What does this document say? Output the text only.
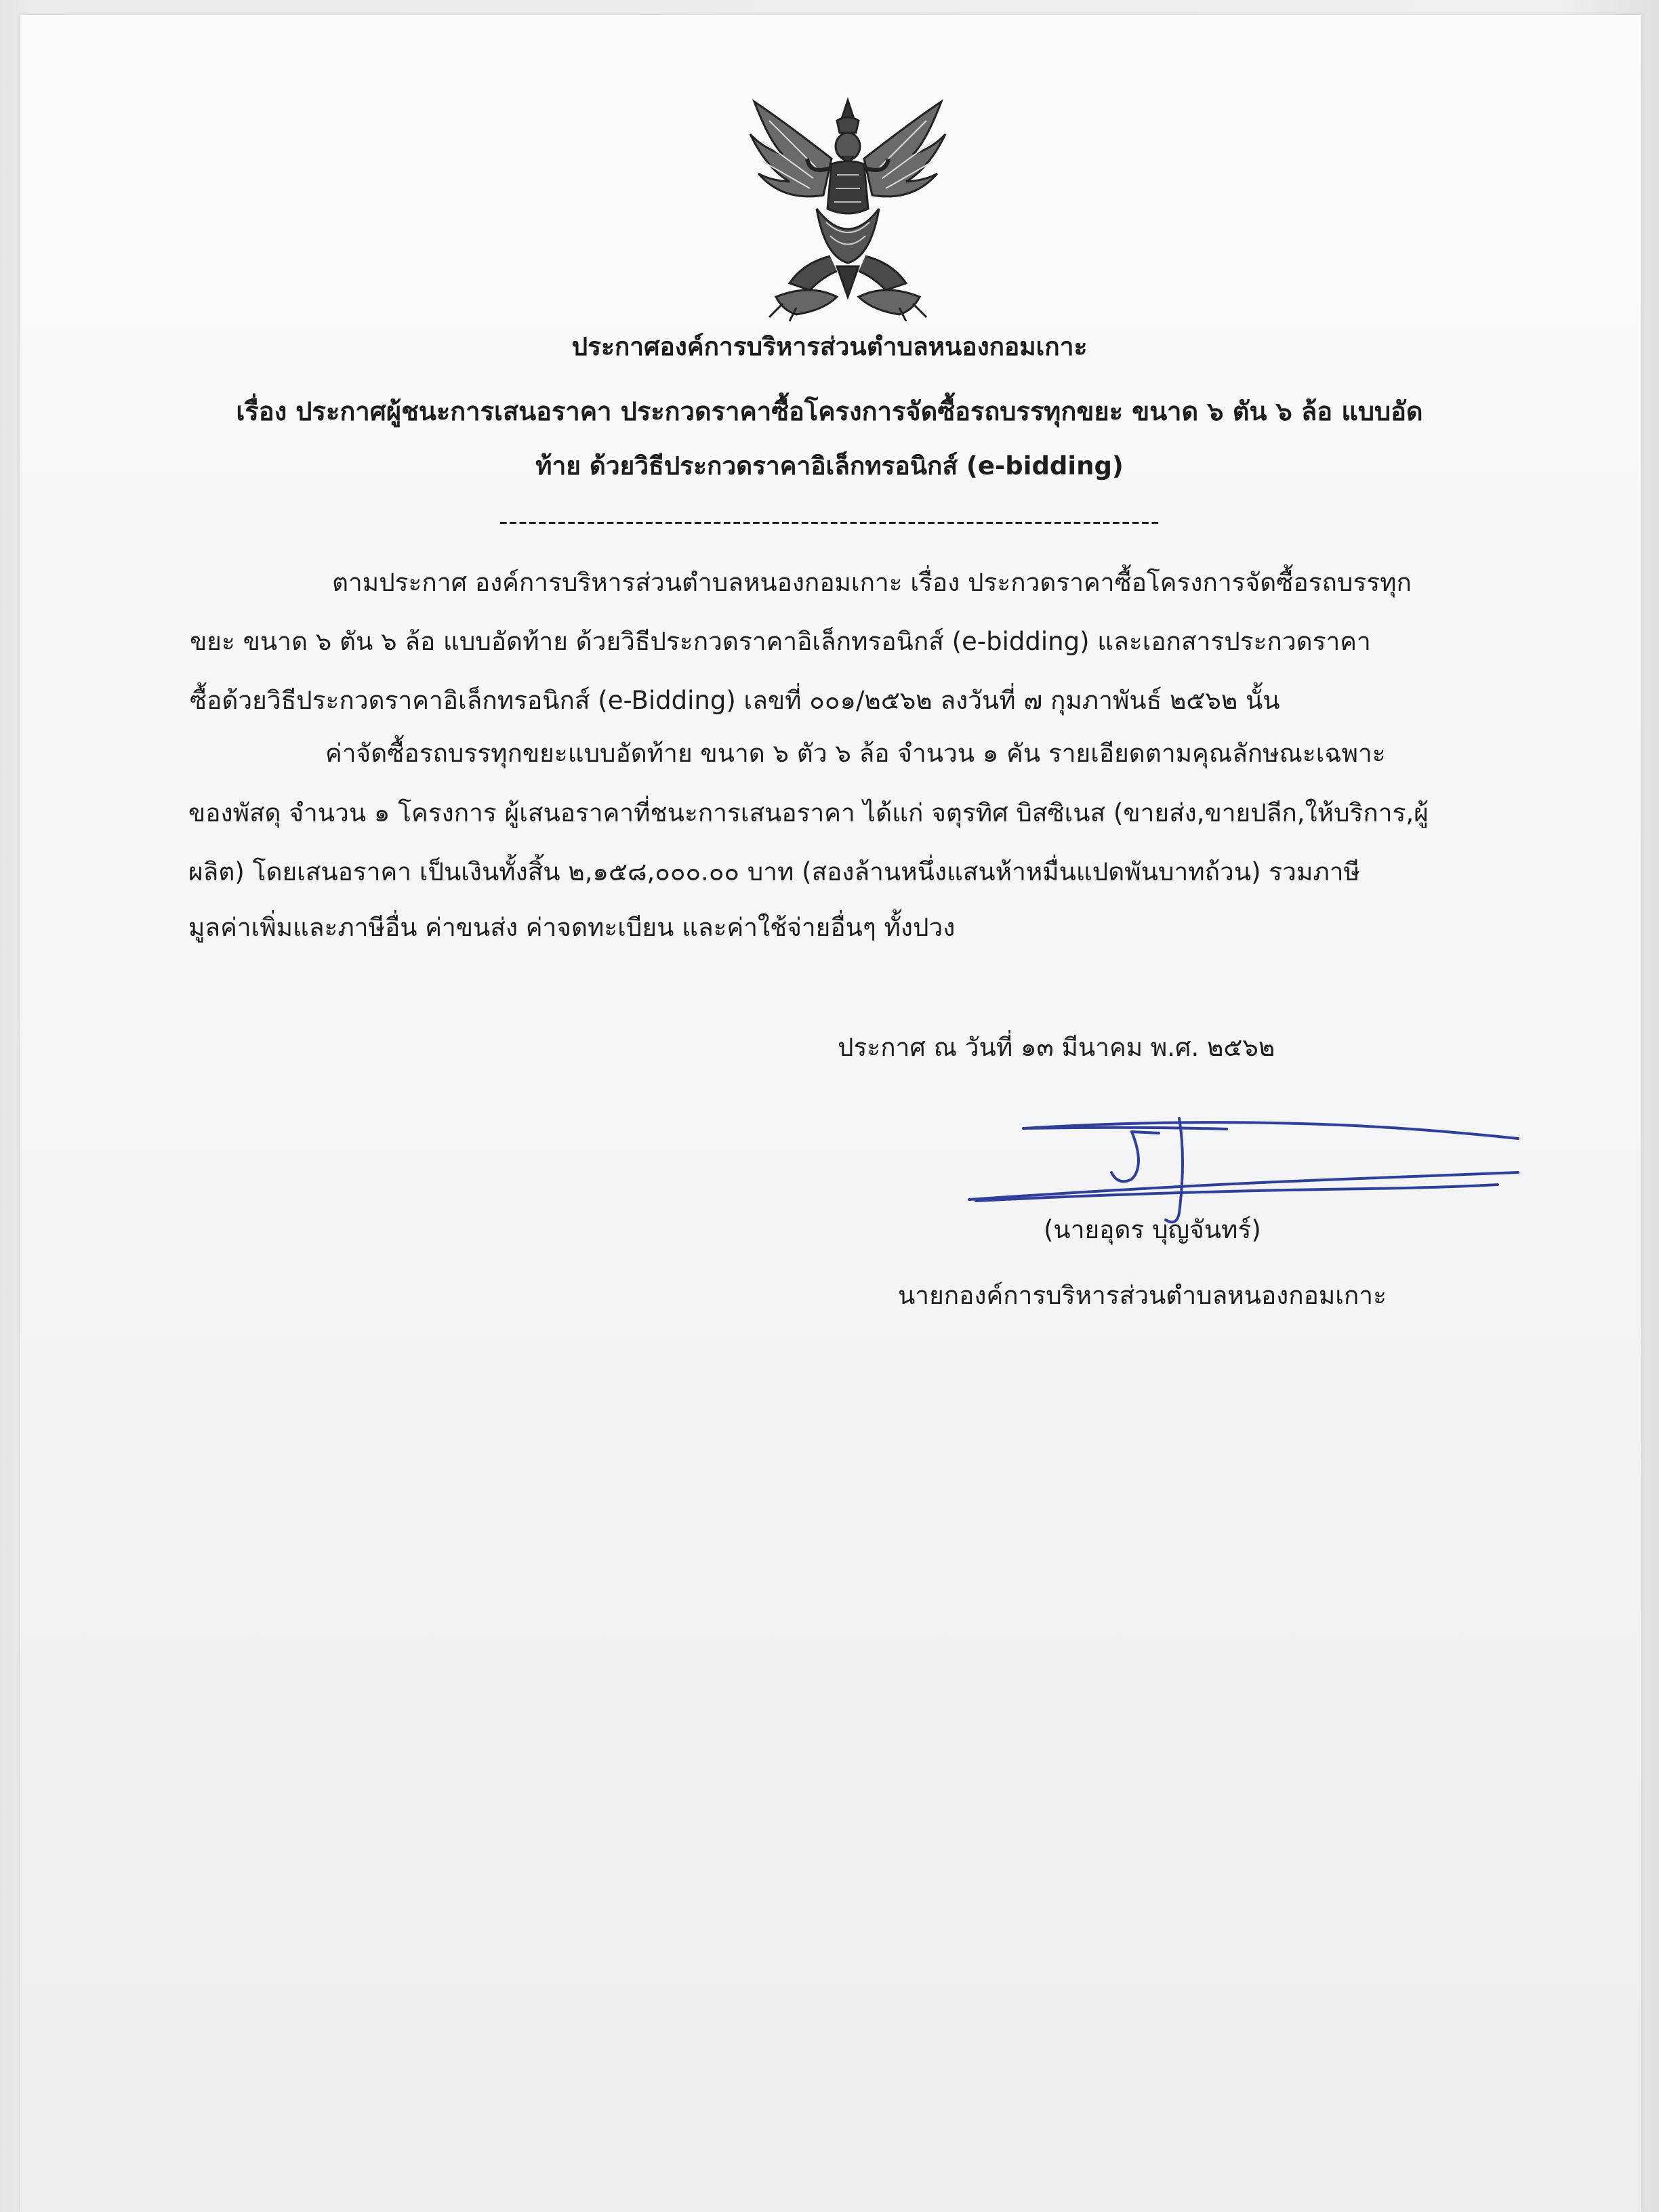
ประกาศองค์การบริหารส่วนตำบลหนองกอมเกาะ
เรื่อง ประกาศผู้ชนะการเสนอราคา ประกวดราคาซื้อโครงการจัดซื้อรถบรรทุกขยะ ขนาด ๖ ตัน ๖ ล้อ แบบอัด
ท้าย ด้วยวิธีประกวดราคาอิเล็กทรอนิกส์ (e-bidding)
--------------------------------------------------------------------
ตามประกาศ องค์การบริหารส่วนตำบลหนองกอมเกาะ เรื่อง ประกวดราคาซื้อโครงการจัดซื้อรถบรรทุก
ขยะ ขนาด ๖ ตัน ๖ ล้อ แบบอัดท้าย ด้วยวิธีประกวดราคาอิเล็กทรอนิกส์ (e-bidding) และเอกสารประกวดราคา
ซื้อด้วยวิธีประกวดราคาอิเล็กทรอนิกส์ (e-Bidding) เลขที่ ๐๐๑/๒๕๖๒ ลงวันที่ ๗ กุมภาพันธ์ ๒๕๖๒ นั้น
ค่าจัดซื้อรถบรรทุกขยะแบบอัดท้าย ขนาด ๖ ตัว ๖ ล้อ จำนวน ๑ คัน รายเอียดตามคุณลักษณะเฉพาะ
ของพัสดุ จำนวน ๑ โครงการ ผู้เสนอราคาที่ชนะการเสนอราคา ได้แก่ จตุรทิศ บิสซิเนส (ขายส่ง,ขายปลีก,ให้บริการ,ผู้
ผลิต) โดยเสนอราคา เป็นเงินทั้งสิ้น ๒,๑๕๘,๐๐๐.๐๐ บาท (สองล้านหนึ่งแสนห้าหมื่นแปดพันบาทถ้วน) รวมภาษี
มูลค่าเพิ่มและภาษีอื่น ค่าขนส่ง ค่าจดทะเบียน และค่าใช้จ่ายอื่นๆ ทั้งปวง
ประกาศ ณ วันที่ ๑๓ มีนาคม พ.ศ. ๒๕๖๒
(นายอุดร บุญจันทร์)
นายกองค์การบริหารส่วนตำบลหนองกอมเกาะ
